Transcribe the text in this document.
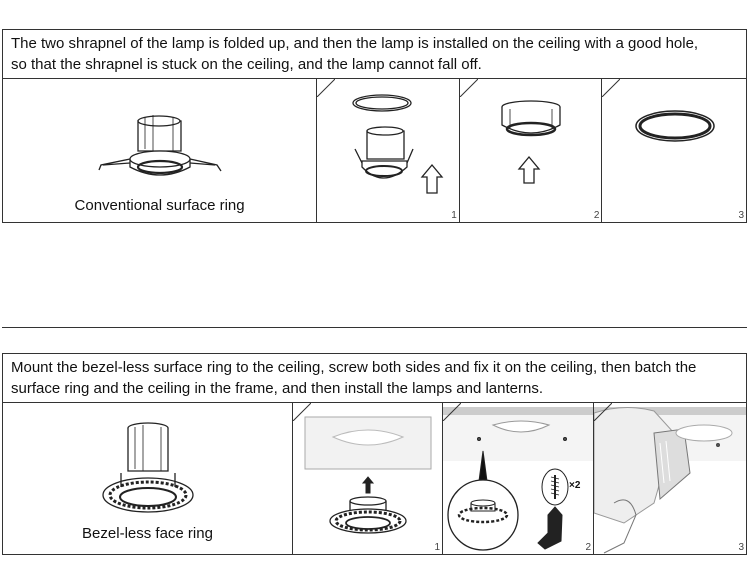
The two shrapnel of the lamp is folded up, and then the lamp is installed on the ceiling with a good hole,
so that the shrapnel is stuck on the ceiling, and the lamp cannot fall off.
Conventional surface ring
1	2	3
Mount the bezel-less surface ring to the ceiling, screw both sides and fix it on the ceiling, then batch the
surface ring and the ceiling in the frame, and then install the lamps and lanterns.
Bezel-less face ring
1
×2
2	3
